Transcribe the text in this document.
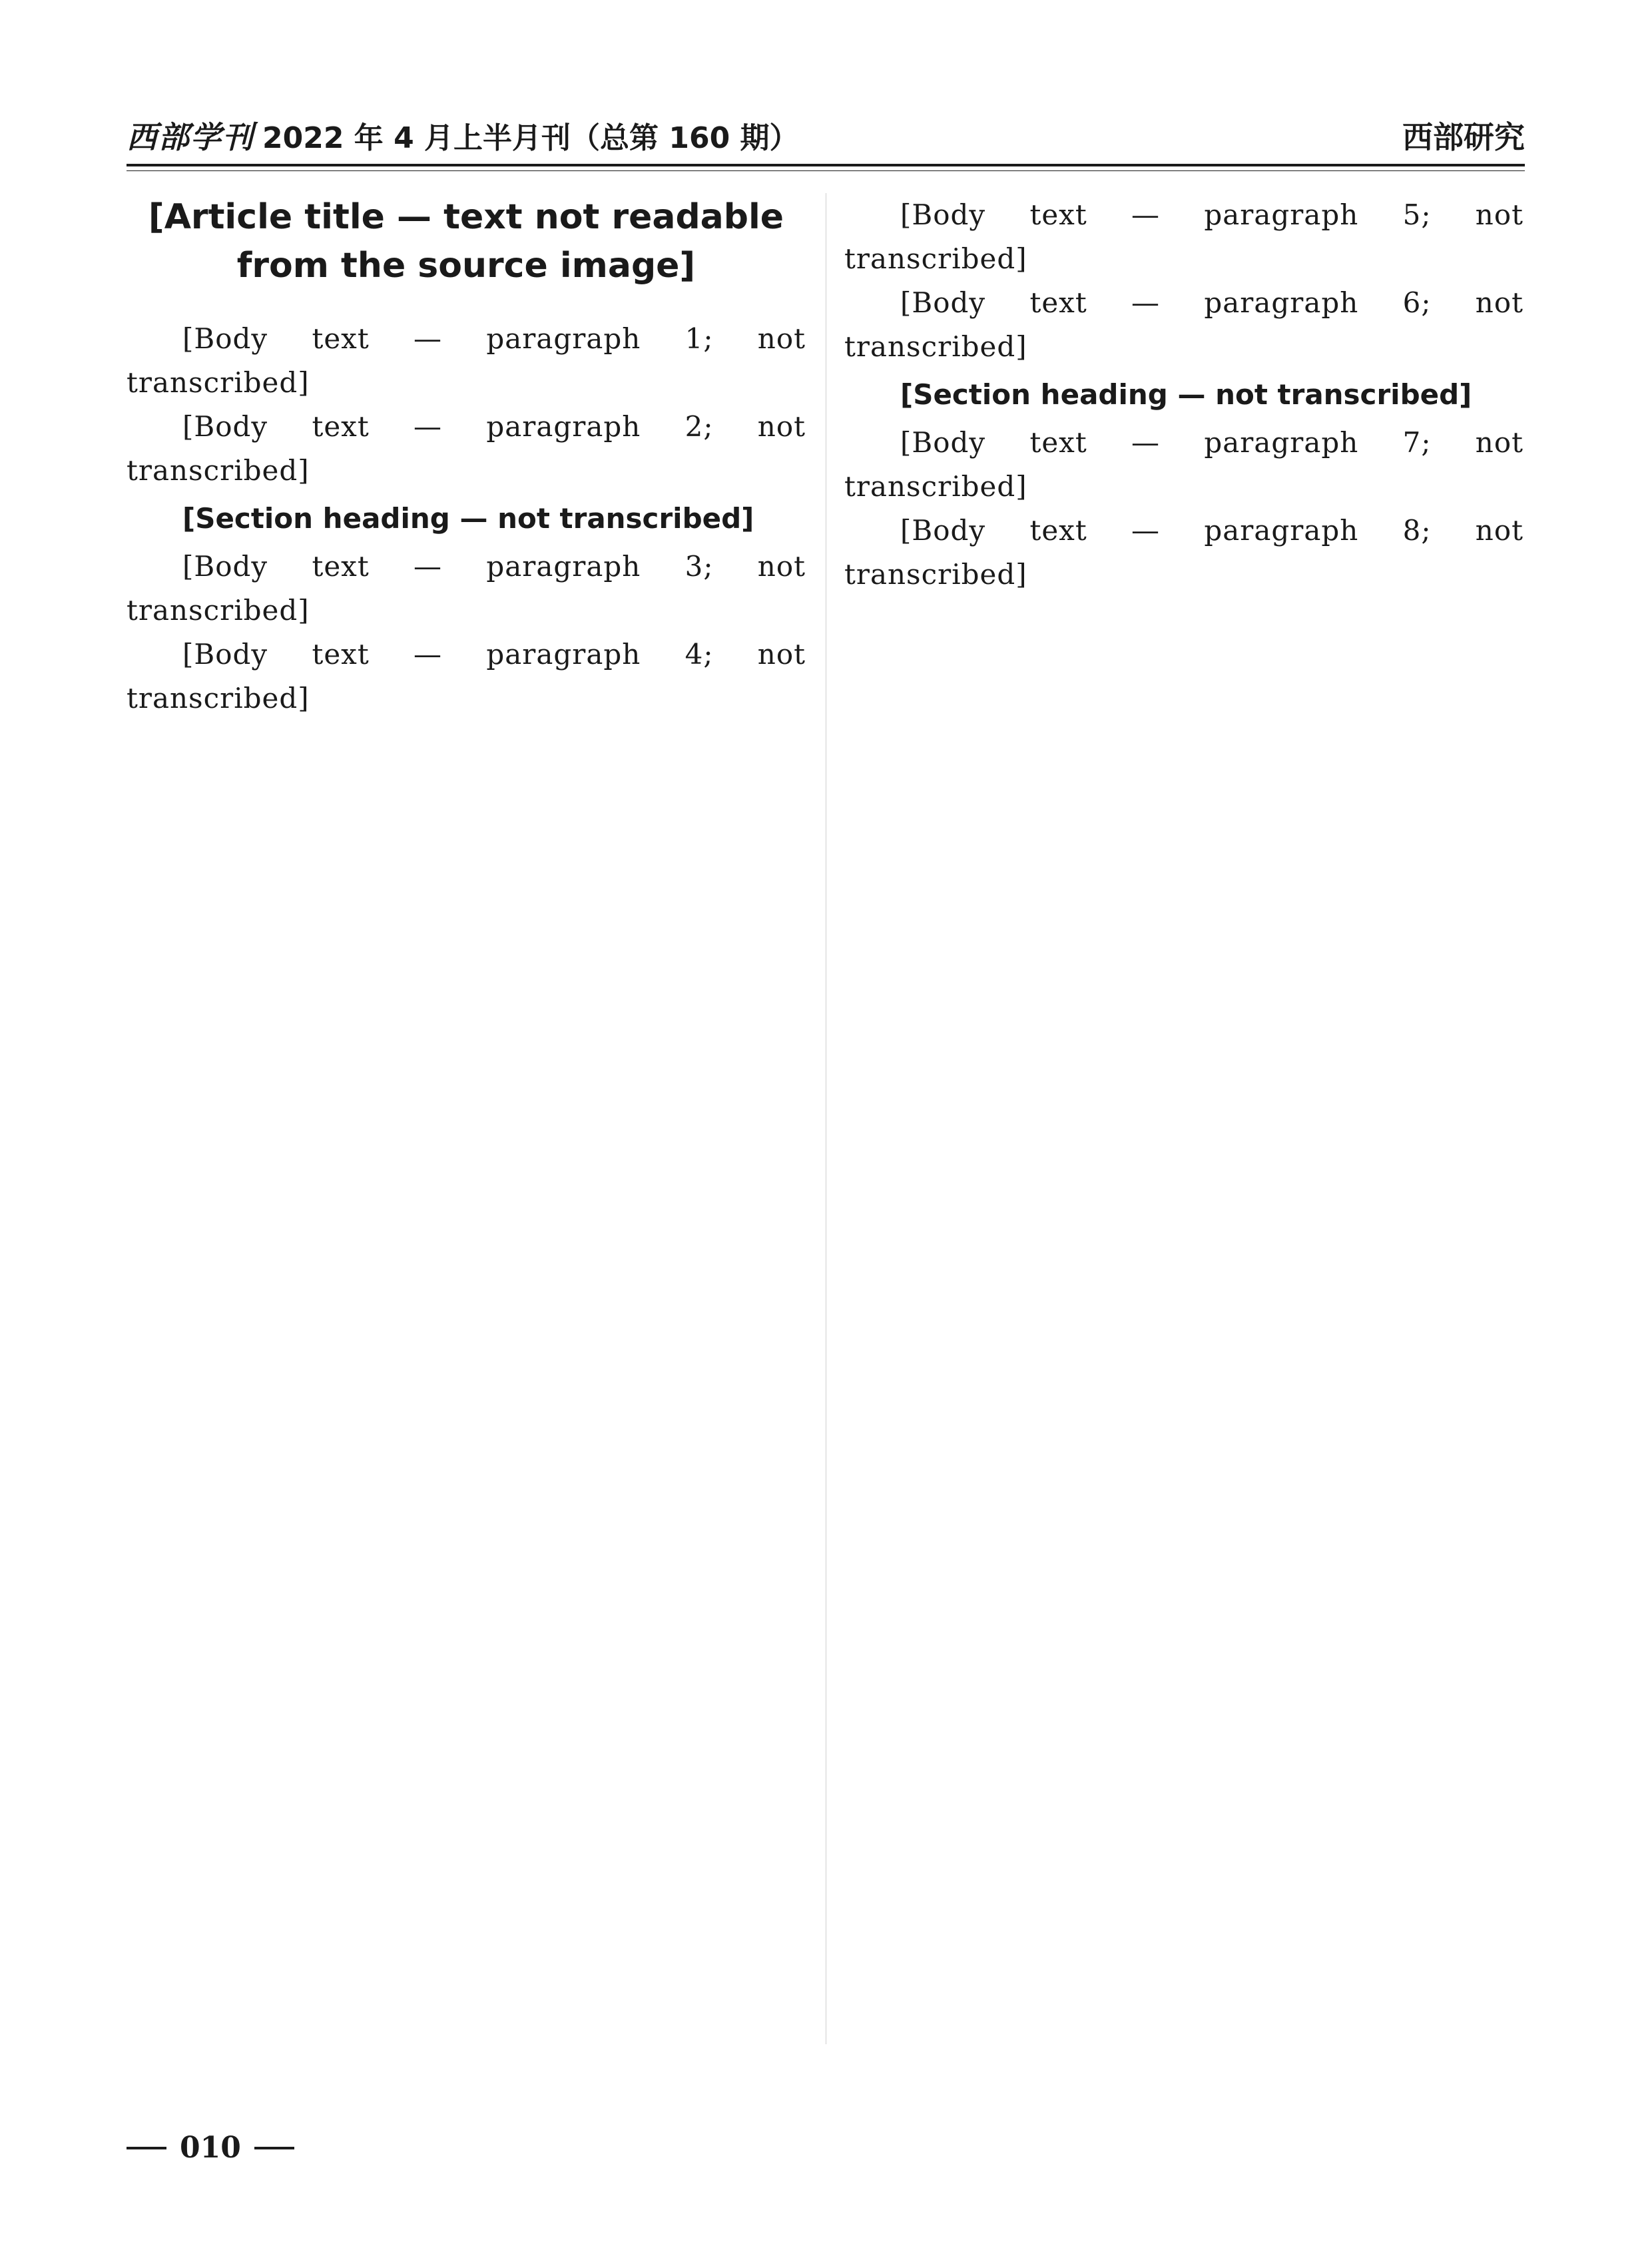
西部学刊 2022 年 4 月上半月刊（总第 160 期）	西部研究
[Article title — text not readable from the source image]

[Body text — paragraph 1; not transcribed]

[Body text — paragraph 2; not transcribed]

[Section heading — not transcribed]

[Body text — paragraph 3; not transcribed]

[Body text — paragraph 4; not transcribed]

[Body text — paragraph 5; not transcribed]

[Body text — paragraph 6; not transcribed]

[Section heading — not transcribed]

[Body text — paragraph 7; not transcribed]

[Body text — paragraph 8; not transcribed]

010
